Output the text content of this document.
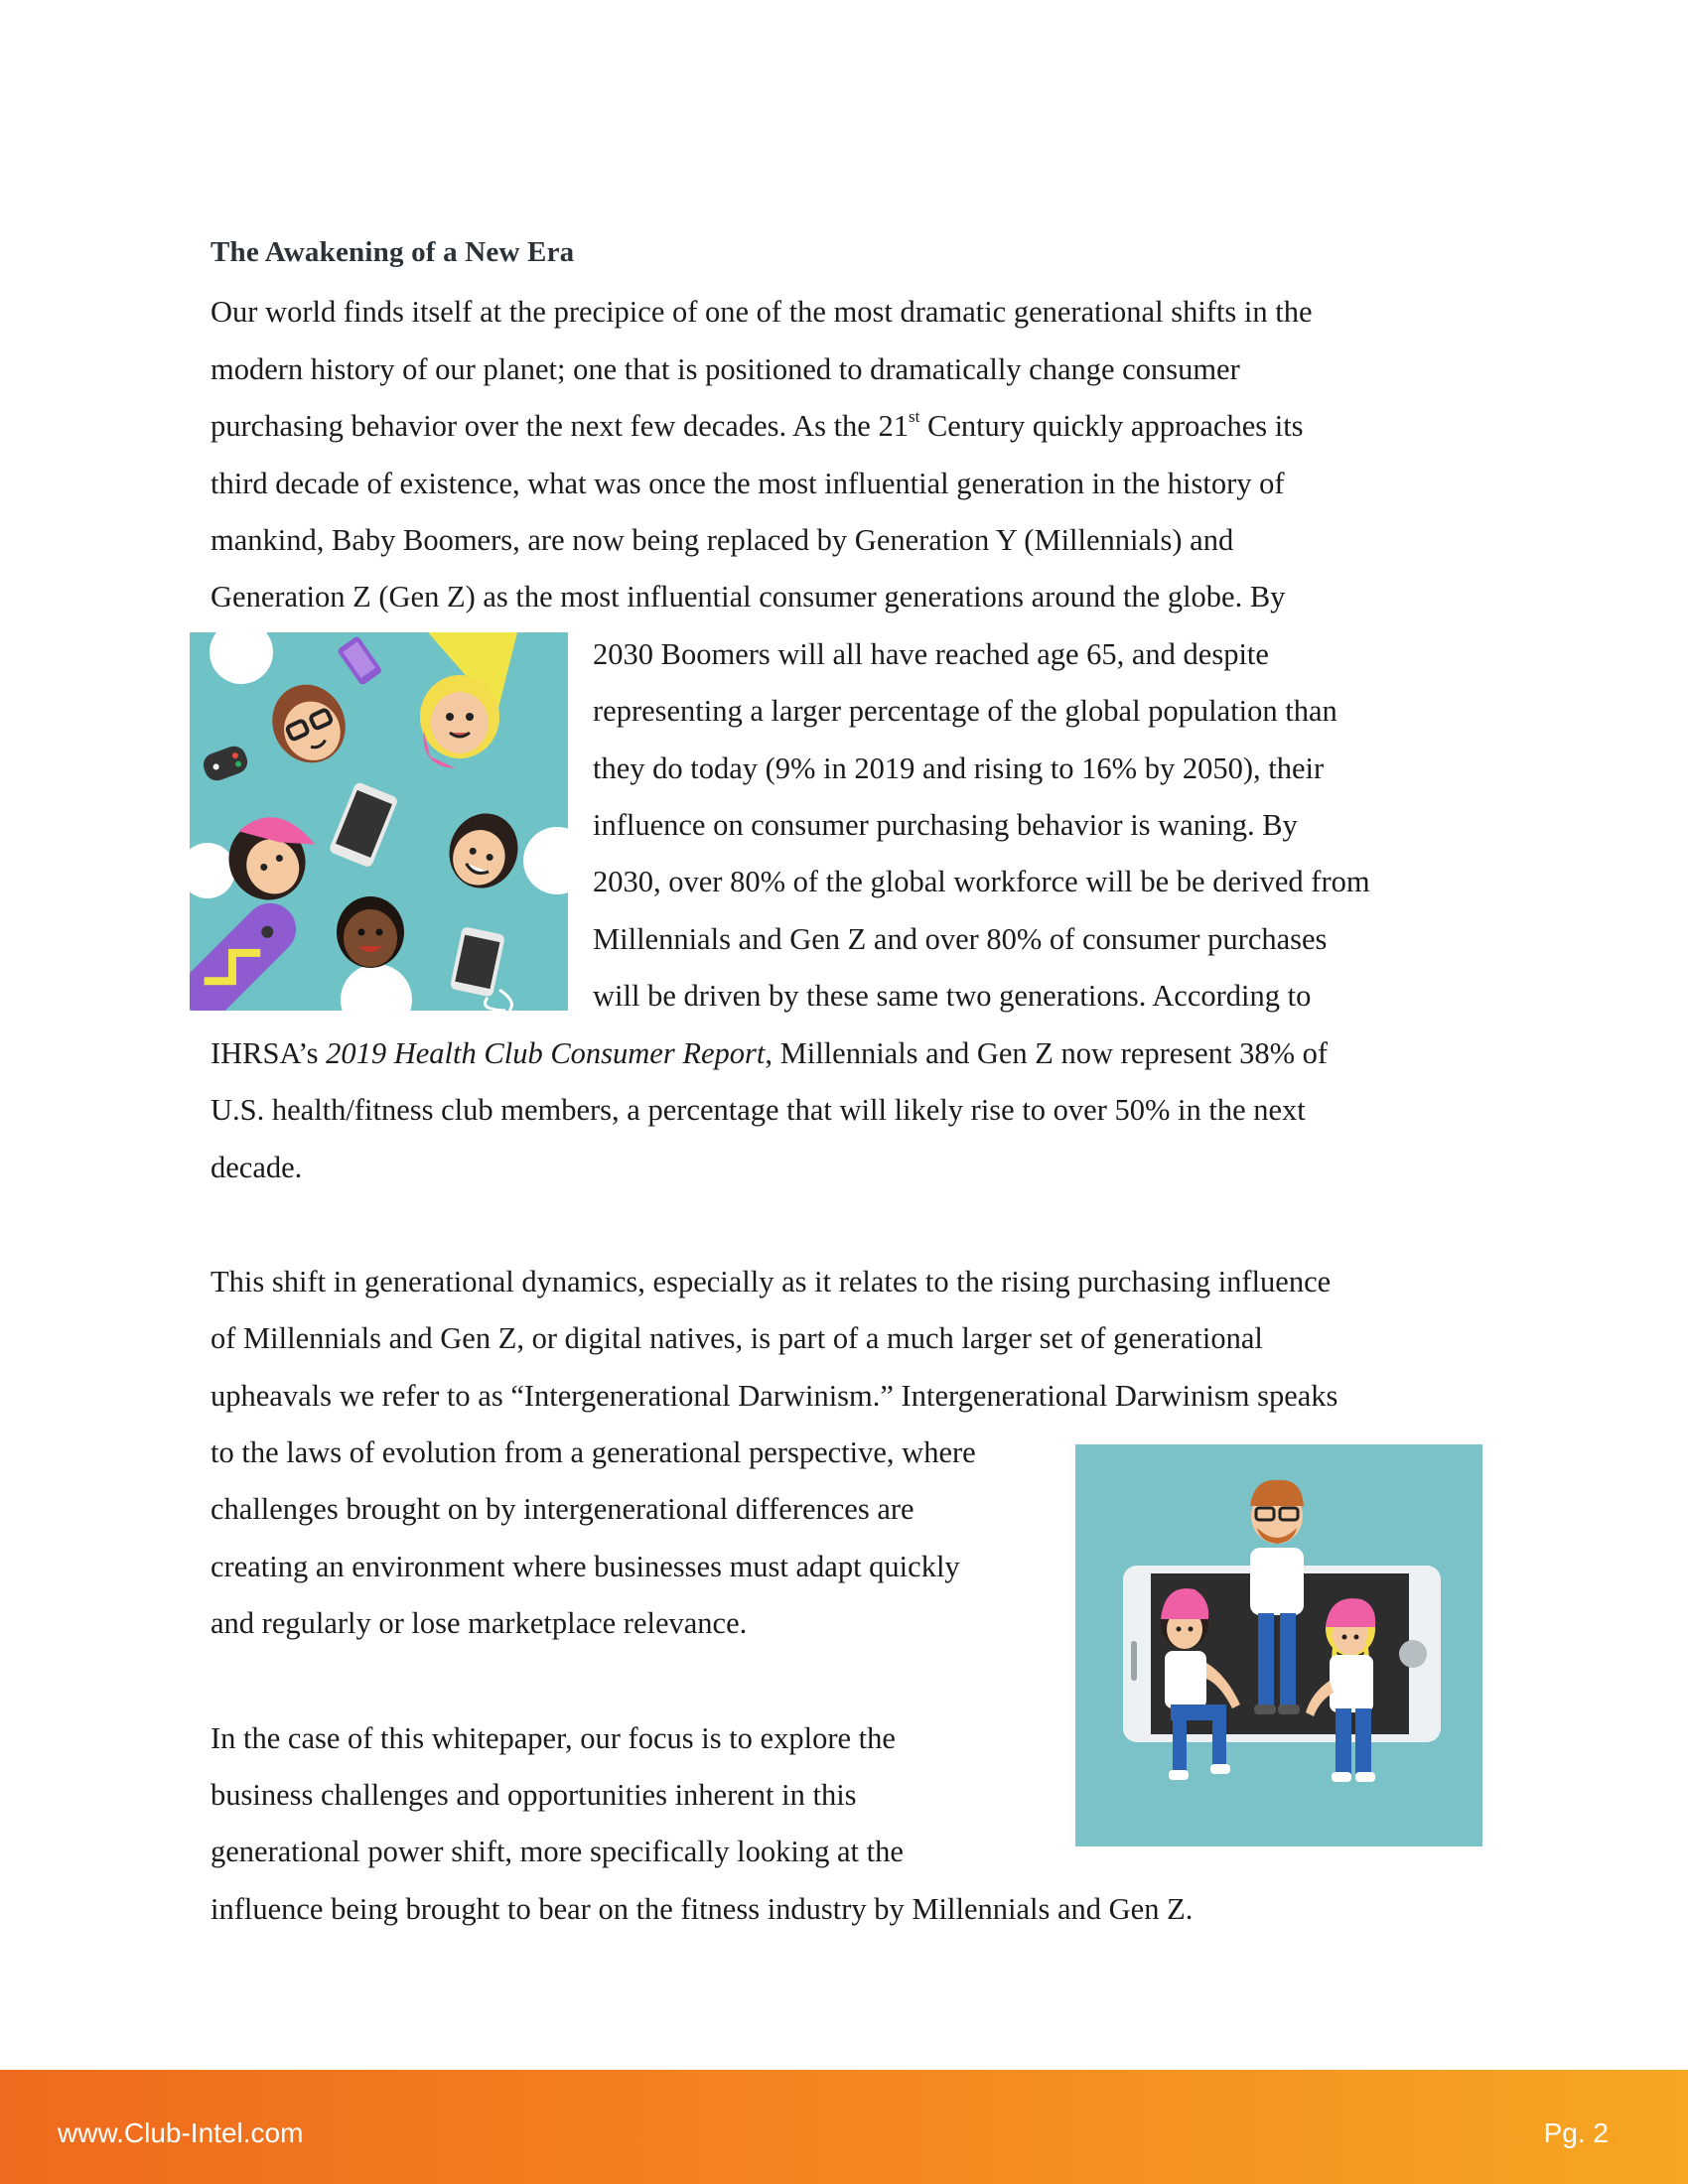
The Awakening of a New Era
Our world finds itself at the precipice of one of the most dramatic generational shifts in the
modern history of our planet; one that is positioned to dramatically change consumer
purchasing behavior over the next few decades. As the 21st Century quickly approaches its
third decade of existence, what was once the most influential generation in the history of
mankind, Baby Boomers, are now being replaced by Generation Y (Millennials) and
Generation Z (Gen Z) as the most influential consumer generations around the globe. By
2030 Boomers will all have reached age 65, and despite
representing a larger percentage of the global population than
they do today (9% in 2019 and rising to 16% by 2050), their
influence on consumer purchasing behavior is waning. By
2030, over 80% of the global workforce will be be derived from
Millennials and Gen Z and over 80% of consumer purchases
will be driven by these same two generations. According to
IHRSA’s 2019 Health Club Consumer Report, Millennials and Gen Z now represent 38% of
U.S. health/fitness club members, a percentage that will likely rise to over 50% in the next
decade.
This shift in generational dynamics, especially as it relates to the rising purchasing influence
of Millennials and Gen Z, or digital natives, is part of a much larger set of generational
upheavals we refer to as “Intergenerational Darwinism.” Intergenerational Darwinism speaks
to the laws of evolution from a generational perspective, where
challenges brought on by intergenerational differences are
creating an environment where businesses must adapt quickly
and regularly or lose marketplace relevance.
In the case of this whitepaper, our focus is to explore the
business challenges and opportunities inherent in this
generational power shift, more specifically looking at the
influence being brought to bear on the fitness industry by Millennials and Gen Z.
www.Club-Intel.com	Pg. 2
